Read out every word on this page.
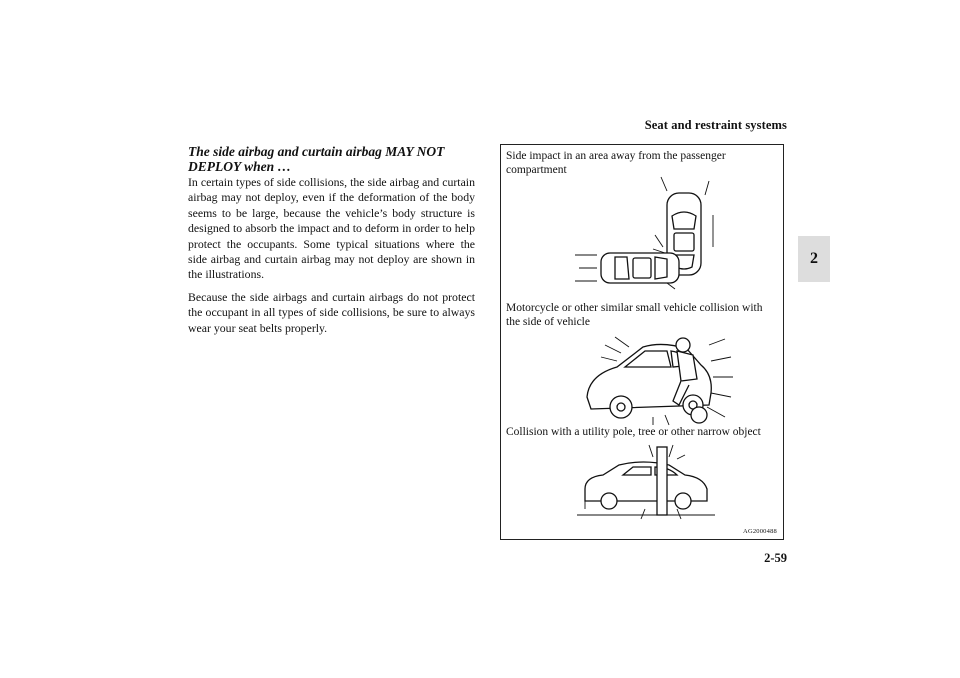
Seat and restraint systems
2
2-59
The side airbag and curtain airbag MAY NOT DEPLOY when …

In certain types of side collisions, the side airbag and curtain airbag may not deploy, even if the deformation of the body seems to be large, because the vehicle’s body structure is designed to absorb the impact and to deform in order to help protect the occupants. Some typical situations where the side airbag and curtain airbag may not deploy are shown in the illustrations.

Because the side airbags and curtain airbags do not protect the occupant in all types of side collisions, be sure to always wear your seat belts properly.

Side impact in an area away from the passenger compartment
Motorcycle or other similar small vehicle collision with the side of vehicle
Collision with a utility pole, tree or other narrow object
AG2000488
